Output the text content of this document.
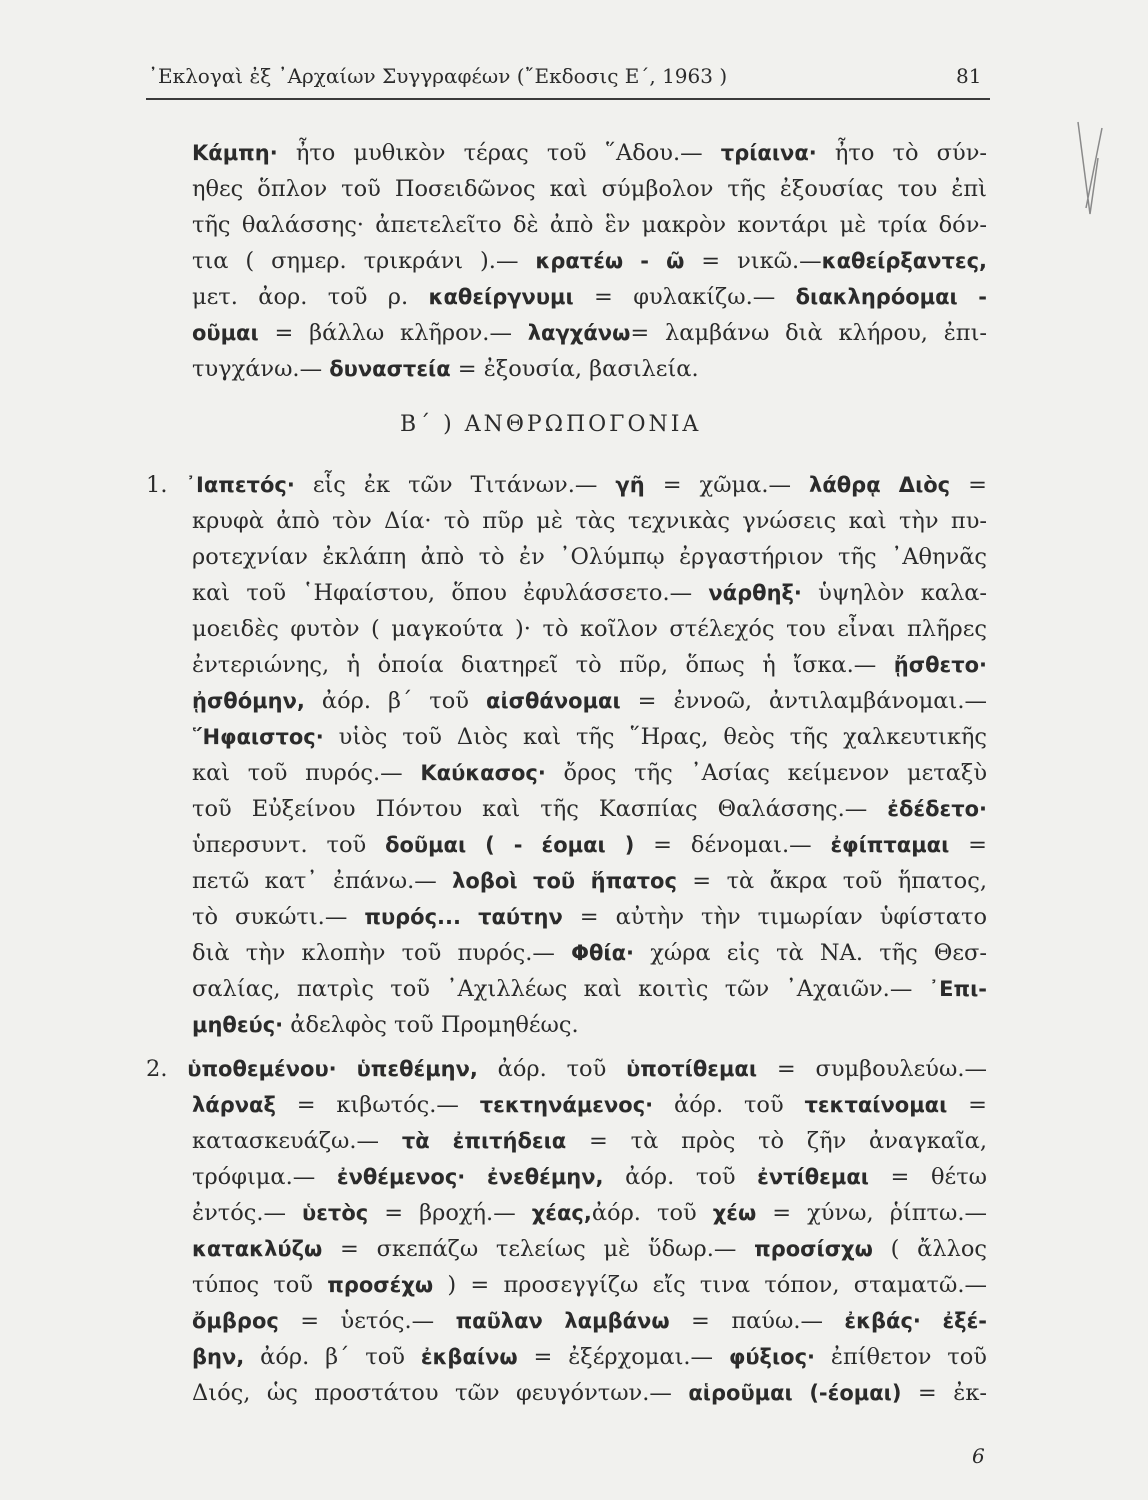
᾿Εκλογαὶ ἐξ ᾿Αρχαίων Συγγραφέων (῎Εκδοσις Ε΄, 1963 )	81
Κάμπη· ἦτο μυθικὸν τέρας τοῦ ῞Αδου.— τρίαινα· ἦτο τὸ σύν-
ηθες ὅπλον τοῦ Ποσειδῶνος καὶ σύμβολον τῆς ἐξουσίας του ἐπὶ
τῆς θαλάσσης· ἀπετελεῖτο δὲ ἀπὸ ἓν μακρὸν κοντάρι μὲ τρία δόν-
τια ( σημερ. τρικράνι ).— κρατέω - ῶ = νικῶ.—καθείρξαντες,
μετ. ἀορ. τοῦ ρ. καθείργνυμι = φυλακίζω.— διακληρόομαι -
οῦμαι = βάλλω κλῆρον.— λαγχάνω= λαμβάνω διὰ κλήρου, ἐπι-
τυγχάνω.— δυναστεία = ἐξουσία, βασιλεία.
Β΄ ) ΑΝΘΡΩΠΟΓΟΝΙΑ
1. ᾿Ιαπετός· εἷς ἐκ τῶν Τιτάνων.— γῆ = χῶμα.— λάθρᾳ Διὸς =
κρυφὰ ἀπὸ τὸν Δία· τὸ πῦρ μὲ τὰς τεχνικὰς γνώσεις καὶ τὴν πυ-
ροτεχνίαν ἐκλάπη ἀπὸ τὸ ἐν ᾿Ολύμπῳ ἐργαστήριον τῆς ᾿Αθηνᾶς
καὶ τοῦ ῾Ηφαίστου, ὅπου ἐφυλάσσετο.— νάρθηξ· ὑψηλὸν καλα-
μοειδὲς φυτὸν ( μαγκούτα )· τὸ κοῖλον στέλεχός του εἶναι πλῆρες
ἐντεριώνης, ἡ ὁποία διατηρεῖ τὸ πῦρ, ὅπως ἡ ἴσκα.— ᾔσθετο·
ᾐσθόμην, ἀόρ. β΄ τοῦ αἰσθάνομαι = ἐννοῶ, ἀντιλαμβάνομαι.—
῞Ηφαιστος· υἱὸς τοῦ Διὸς καὶ τῆς ῞Ηρας, θεὸς τῆς χαλκευτικῆς
καὶ τοῦ πυρός.— Καύκασος· ὄρος τῆς ᾿Ασίας κείμενον μεταξὺ
τοῦ Εὐξείνου Πόντου καὶ τῆς Κασπίας Θαλάσσης.— ἐδέδετο·
ὑπερσυντ. τοῦ δοῦμαι ( - έομαι ) = δένομαι.— ἐφίπταμαι =
πετῶ κατ᾿ ἐπάνω.— λοβοὶ τοῦ ἥπατος = τὰ ἄκρα τοῦ ἥπατος,
τὸ συκώτι.— πυρός... ταύτην = αὐτὴν τὴν τιμωρίαν ὑφίστατο
διὰ τὴν κλοπὴν τοῦ πυρός.— Φθία· χώρα εἰς τὰ ΝΑ. τῆς Θεσ-
σαλίας, πατρὶς τοῦ ᾿Αχιλλέως καὶ κοιτὶς τῶν ᾿Αχαιῶν.— ᾿Επι-
μηθεύς· ἀδελφὸς τοῦ Προμηθέως.
2. ὑποθεμένου· ὑπεθέμην, ἀόρ. τοῦ ὑποτίθεμαι = συμβουλεύω.—
λάρναξ = κιβωτός.— τεκτηνάμενος· ἀόρ. τοῦ τεκταίνομαι =
κατασκευάζω.— τὰ ἐπιτήδεια = τὰ πρὸς τὸ ζῆν ἀναγκαῖα,
τρόφιμα.— ἐνθέμενος· ἐνεθέμην, ἀόρ. τοῦ ἐντίθεμαι = θέτω
ἐντός.— ὑετὸς = βροχή.— χέας,ἀόρ. τοῦ χέω = χύνω, ῥίπτω.—
κατακλύζω = σκεπάζω τελείως μὲ ὕδωρ.— προσίσχω ( ἄλλος
τύπος τοῦ προσέχω ) = προσεγγίζω εἴς τινα τόπον, σταματῶ.—
ὄμβρος = ὑετός.— παῦλαν λαμβάνω = παύω.— ἐκβάς· ἐξέ-
βην, ἀόρ. β΄ τοῦ ἐκβαίνω = ἐξέρχομαι.— φύξιος· ἐπίθετον τοῦ
Διός, ὡς προστάτου τῶν φευγόντων.— αἱροῦμαι (-έομαι) = ἐκ-
6
